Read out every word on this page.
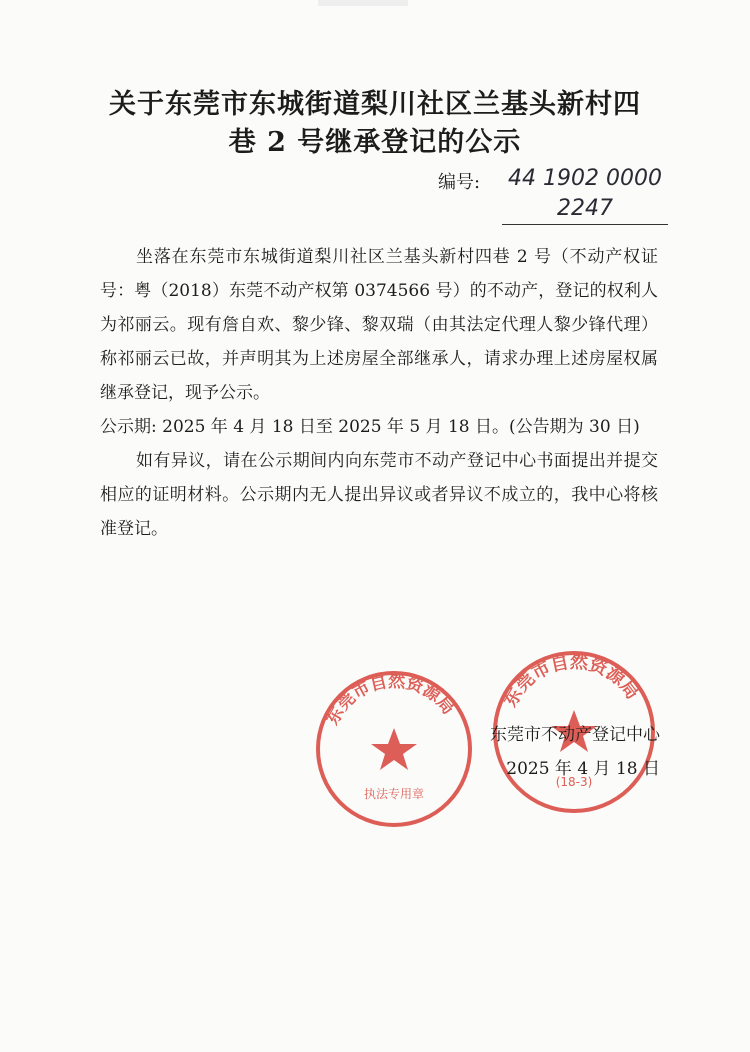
关于东莞市东城街道梨川社区兰基头新村四
巷 2 号继承登记的公示
编号: 44 1902 0000 2247

坐落在东莞市东城街道梨川社区兰基头新村四巷 2 号（不动产权证号：粤（2018）东莞不动产权第 0374566 号）的不动产，登记的权利人为祁丽云。现有詹自欢、黎少锋、黎双瑞（由其法定代理人黎少锋代理）称祁丽云已故，并声明其为上述房屋全部继承人，请求办理上述房屋权属继承登记，现予公示。

公示期: 2025 年 4 月 18 日至 2025 年 5 月 18 日。(公告期为 30 日)

如有异议，请在公示期间内向东莞市不动产登记中心书面提出并提交相应的证明材料。公示期内无人提出异议或者异议不成立的，我中心将核准登记。

东莞市自然资源局
执法专用章
东莞市自然资源局
(18-3)
东莞市不动产登记中心
2025 年 4 月 18 日
